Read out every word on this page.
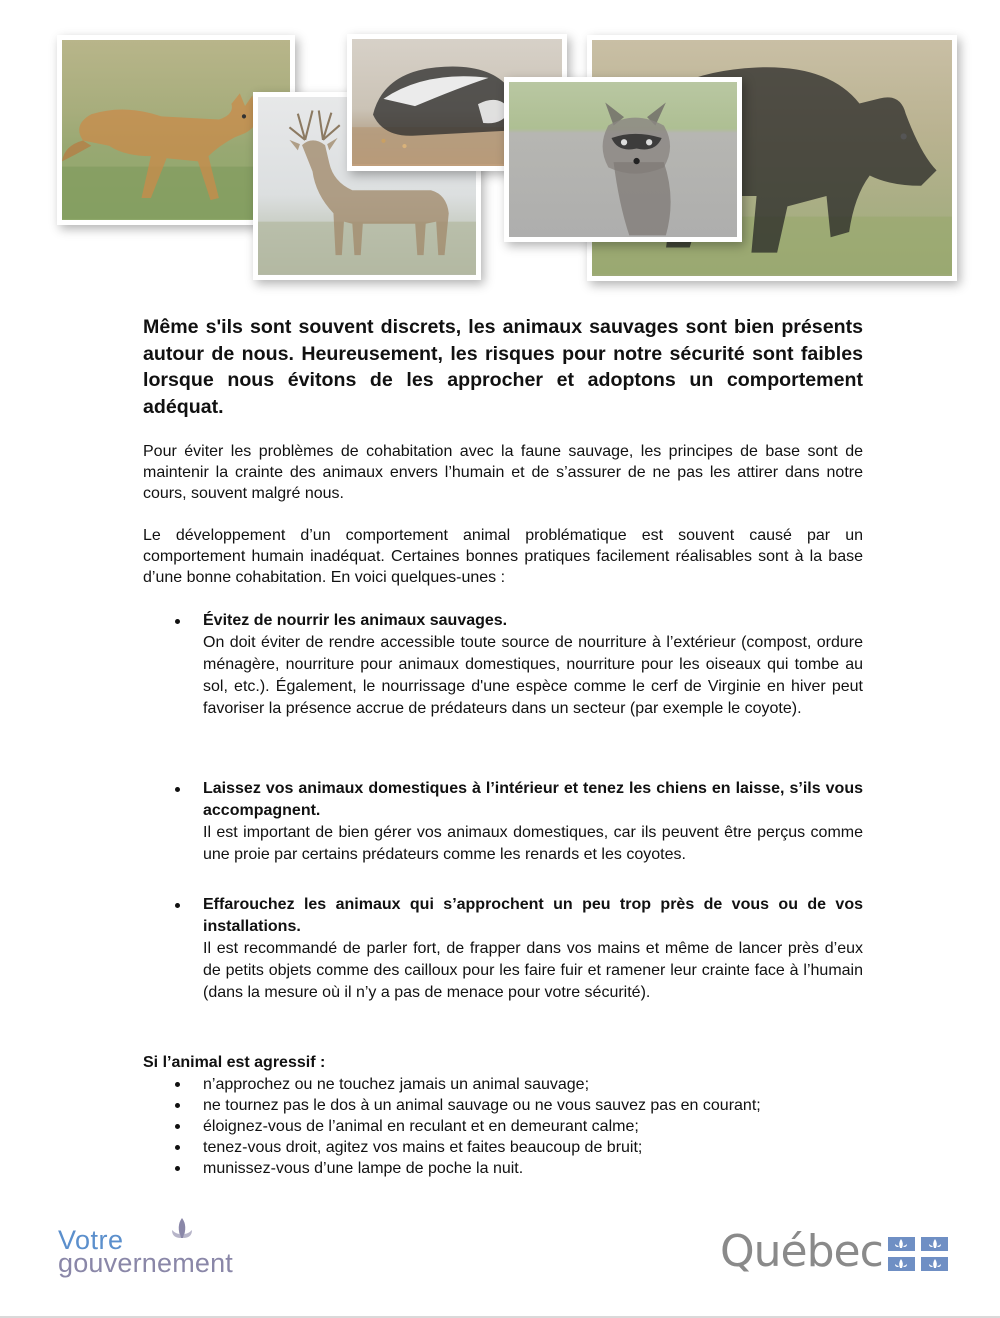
Même s'ils sont souvent discrets, les animaux sauvages sont bien présents autour de nous. Heureusement, les risques pour notre sécurité sont faibles lorsque nous évitons de les approcher et adoptons un comportement adéquat.

Pour éviter les problèmes de cohabitation avec la faune sauvage, les principes de base sont de maintenir la crainte des animaux envers l’humain et de s’assurer de ne pas les attirer dans notre cours, souvent malgré nous.

Le développement d’un comportement animal problématique est souvent causé par un comportement humain inadéquat. Certaines bonnes pratiques facilement réalisables sont à la base d’une bonne cohabitation. En voici quelques-unes :

Évitez de nourrir les animaux sauvages.
On doit éviter de rendre accessible toute source de nourriture à l’extérieur (compost, ordure ménagère, nourriture pour animaux domestiques, nourriture pour les oiseaux qui tombe au sol, etc.). Également, le nourrissage d'une espèce comme le cerf de Virginie en hiver peut favoriser la présence accrue de prédateurs dans un secteur (par exemple le coyote).
Laissez vos animaux domestiques à l’intérieur et tenez les chiens en laisse, s’ils vous accompagnent.
Il est important de bien gérer vos animaux domestiques, car ils peuvent être perçus comme une proie par certains prédateurs comme les renards et les coyotes.
Effarouchez les animaux qui s’approchent un peu trop près de vous ou de vos installations.
Il est recommandé de parler fort, de frapper dans vos mains et même de lancer près d’eux de petits objets comme des cailloux pour les faire fuir et ramener leur crainte face à l’humain (dans la mesure où il n’y a pas de menace pour votre sécurité).

Si l’animal est agressif :

n’approchez ou ne touchez jamais un animal sauvage;
ne tournez pas le dos à un animal sauvage ou ne vous sauvez pas en courant;
éloignez-vous de l’animal en reculant et en demeurant calme;
tenez-vous droit, agitez vos mains et faites beaucoup de bruit;
munissez-vous d’une lampe de poche la nuit.
Votre
gouvernement	Québec
